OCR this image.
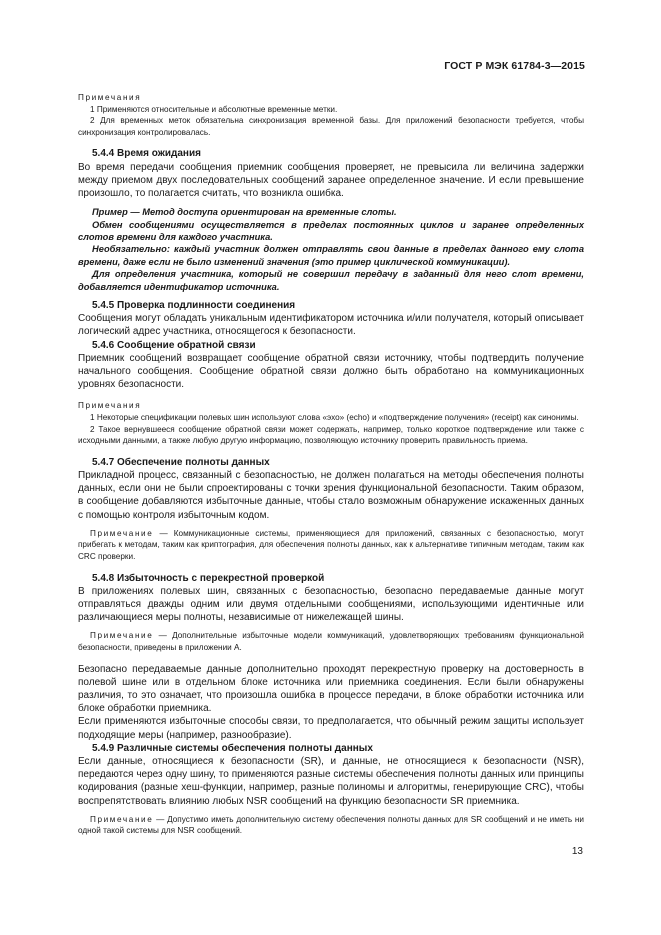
ГОСТ Р МЭК 61784-3—2015

Примечания

1 Применяются относительные и абсолютные временные метки.

2 Для временных меток обязательна синхронизация временной базы. Для приложений безопасности требуется, чтобы синхронизация контролировалась.

5.4.4 Время ожидания

Во время передачи сообщения приемник сообщения проверяет, не превысила ли величина задержки между приемом двух последовательных сообщений заранее определенное значение. И если превышение произошло, то полагается считать, что возникла ошибка.

Пример — Метод доступа ориентирован на временные слоты.

Обмен сообщениями осуществляется в пределах постоянных циклов и заранее определенных слотов времени для каждого участника.

Необязательно: каждый участник должен отправлять свои данные в пределах данного ему слота времени, даже если не было изменений значения (это пример циклической коммуникации).

Для определения участника, который не совершил передачу в заданный для него слот времени, добавляется идентификатор источника.

5.4.5 Проверка подлинности соединения

Сообщения могут обладать уникальным идентификатором источника и/или получателя, который описывает логический адрес участника, относящегося к безопасности.

5.4.6 Сообщение обратной связи

Приемник сообщений возвращает сообщение обратной связи источнику, чтобы подтвердить получение начального сообщения. Сообщение обратной связи должно быть обработано на коммуникационных уровнях безопасности.

Примечания

1 Некоторые спецификации полевых шин используют слова «эхо» (echo) и «подтверждение получения» (receipt) как синонимы.

2 Такое вернувшееся сообщение обратной связи может содержать, например, только короткое подтверждение или также с исходными данными, а также любую другую информацию, позволяющую источнику проверить правильность приема.

5.4.7 Обеспечение полноты данных

Прикладной процесс, связанный с безопасностью, не должен полагаться на методы обеспечения полноты данных, если они не были спроектированы с точки зрения функциональной безопасности. Таким образом, в сообщение добавляются избыточные данные, чтобы стало возможным обнаружение искаженных данных с помощью контроля избыточным кодом.

Примечание — Коммуникационные системы, применяющиеся для приложений, связанных с безопасностью, могут прибегать к методам, таким как криптография, для обеспечения полноты данных, как к альтернативе типичным методам, таким как CRC проверки.

5.4.8 Избыточность с перекрестной проверкой

В приложениях полевых шин, связанных с безопасностью, безопасно передаваемые данные могут отправляться дважды одним или двумя отдельными сообщениями, использующими идентичные или различающиеся меры полноты, независимые от нижележащей шины.

Примечание — Дополнительные избыточные модели коммуникаций, удовлетворяющих требованиям функциональной безопасности, приведены в приложении А.

Безопасно передаваемые данные дополнительно проходят перекрестную проверку на достоверность в полевой шине или в отдельном блоке источника или приемника соединения. Если были обнаружены различия, то это означает, что произошла ошибка в процессе передачи, в блоке обработки источника или блоке обработки приемника.

Если применяются избыточные способы связи, то предполагается, что обычный режим защиты использует подходящие меры (например, разнообразие).

5.4.9 Различные системы обеспечения полноты данных

Если данные, относящиеся к безопасности (SR), и данные, не относящиеся к безопасности (NSR), передаются через одну шину, то применяются разные системы обеспечения полноты данных или принципы кодирования (разные хеш-функции, например, разные полиномы и алгоритмы, генерирующие CRC), чтобы воспрепятствовать влиянию любых NSR сообщений на функцию безопасности SR приемника.

Примечание — Допустимо иметь дополнительную систему обеспечения полноты данных для SR сообщений и не иметь ни одной такой системы для NSR сообщений.

13
